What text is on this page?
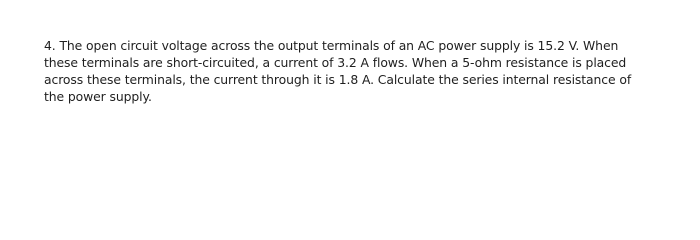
4. The open circuit voltage across the output terminals of an AC power supply is 15.2 V. When
these terminals are short-circuited, a current of 3.2 A flows. When a 5-ohm resistance is placed
across these terminals, the current through it is 1.8 A. Calculate the series internal resistance of
the power supply.
